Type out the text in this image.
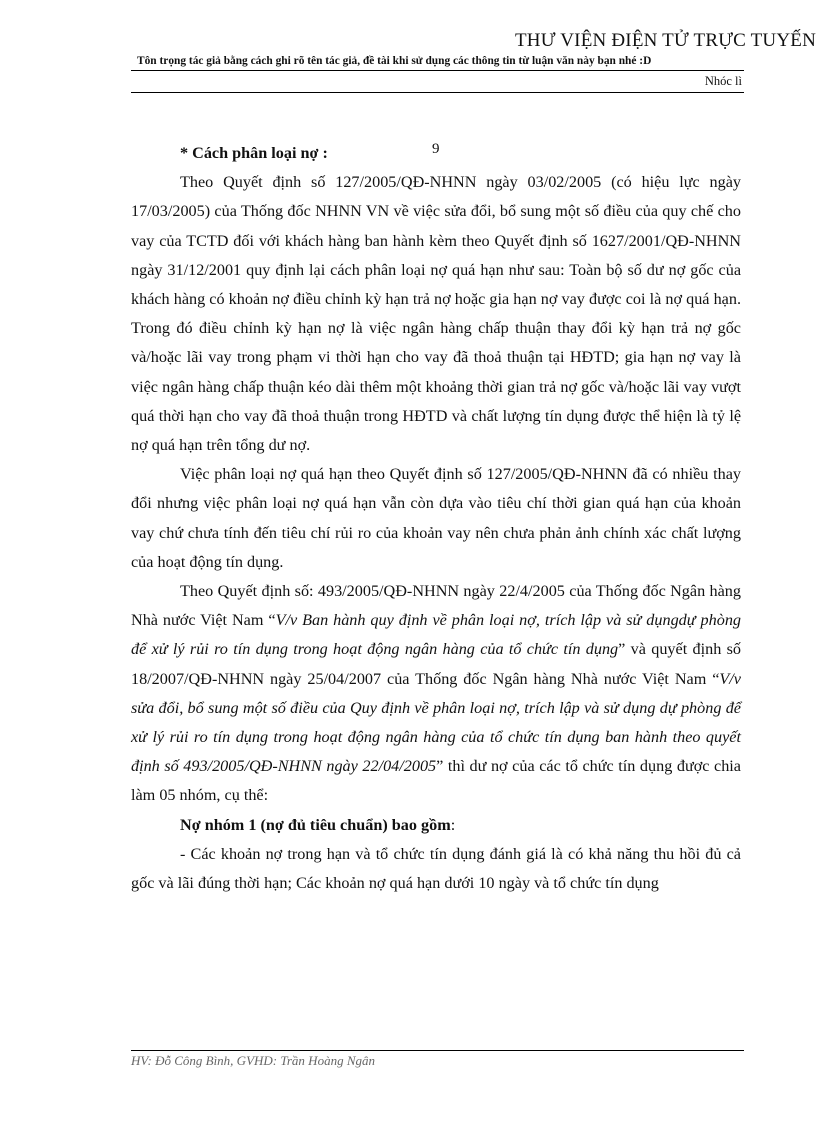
THƯ VIỆN ĐIỆN TỬ TRỰC TUYẾN
Tôn trọng tác giả bằng cách ghi rõ tên tác giả, đề tài khi sử dụng các thông tin từ luận văn này bạn nhé :D
Nhóc lì
9

* Cách phân loại nợ :

Theo Quyết định số 127/2005/QĐ-NHNN ngày 03/02/2005 (có hiệu lực ngày 17/03/2005) của Thống đốc NHNN VN về việc sửa đổi, bổ sung một số điều của quy chế cho vay của TCTD đối với khách hàng ban hành kèm theo Quyết định số 1627/2001/QĐ-NHNN ngày 31/12/2001 quy định lại cách phân loại nợ quá hạn như sau: Toàn bộ số dư nợ gốc của khách hàng có khoản nợ điều chỉnh kỳ hạn trả nợ hoặc gia hạn nợ vay được coi là nợ quá hạn. Trong đó điều chỉnh kỳ hạn nợ là việc ngân hàng chấp thuận thay đổi kỳ hạn trả nợ gốc và/hoặc lãi vay trong phạm vi thời hạn cho vay đã thoả thuận tại HĐTD; gia hạn nợ vay là việc ngân hàng chấp thuận kéo dài thêm một khoảng thời gian trả nợ gốc và/hoặc lãi vay vượt quá thời hạn cho vay đã thoả thuận trong HĐTD và chất lượng tín dụng được thể hiện là tỷ lệ nợ quá hạn trên tổng dư nợ.

Việc phân loại nợ quá hạn theo Quyết định số 127/2005/QĐ-NHNN đã có nhiều thay đổi nhưng việc phân loại nợ quá hạn vẫn còn dựa vào tiêu chí thời gian quá hạn của khoản vay chứ chưa tính đến tiêu chí rủi ro của khoản vay nên chưa phản ảnh chính xác chất lượng của hoạt động tín dụng.

Theo Quyết định số: 493/2005/QĐ-NHNN ngày 22/4/2005 của Thống đốc Ngân hàng Nhà nước Việt Nam “V/v Ban hành quy định về phân loại nợ, trích lập và sử dụngdự phòng để xử lý rủi ro tín dụng trong hoạt động ngân hàng của tổ chức tín dụng” và quyết định số 18/2007/QĐ-NHNN ngày 25/04/2007 của Thống đốc Ngân hàng Nhà nước Việt Nam “V/v sửa đổi, bổ sung một số điều của Quy định về phân loại nợ, trích lập và sử dụng dự phòng để xử lý rủi ro tín dụng trong hoạt động ngân hàng của tổ chức tín dụng ban hành theo quyết định số 493/2005/QĐ-NHNN ngày 22/04/2005” thì dư nợ của các tổ chức tín dụng được chia làm 05 nhóm, cụ thể:

Nợ nhóm 1 (nợ đủ tiêu chuẩn) bao gồm:

- Các khoản nợ trong hạn và tổ chức tín dụng đánh giá là có khả năng thu hồi đủ cả gốc và lãi đúng thời hạn; Các khoản nợ quá hạn dưới 10 ngày và tổ chức tín dụng

HV: Đỗ Công Bình, GVHD: Trần Hoàng Ngân
